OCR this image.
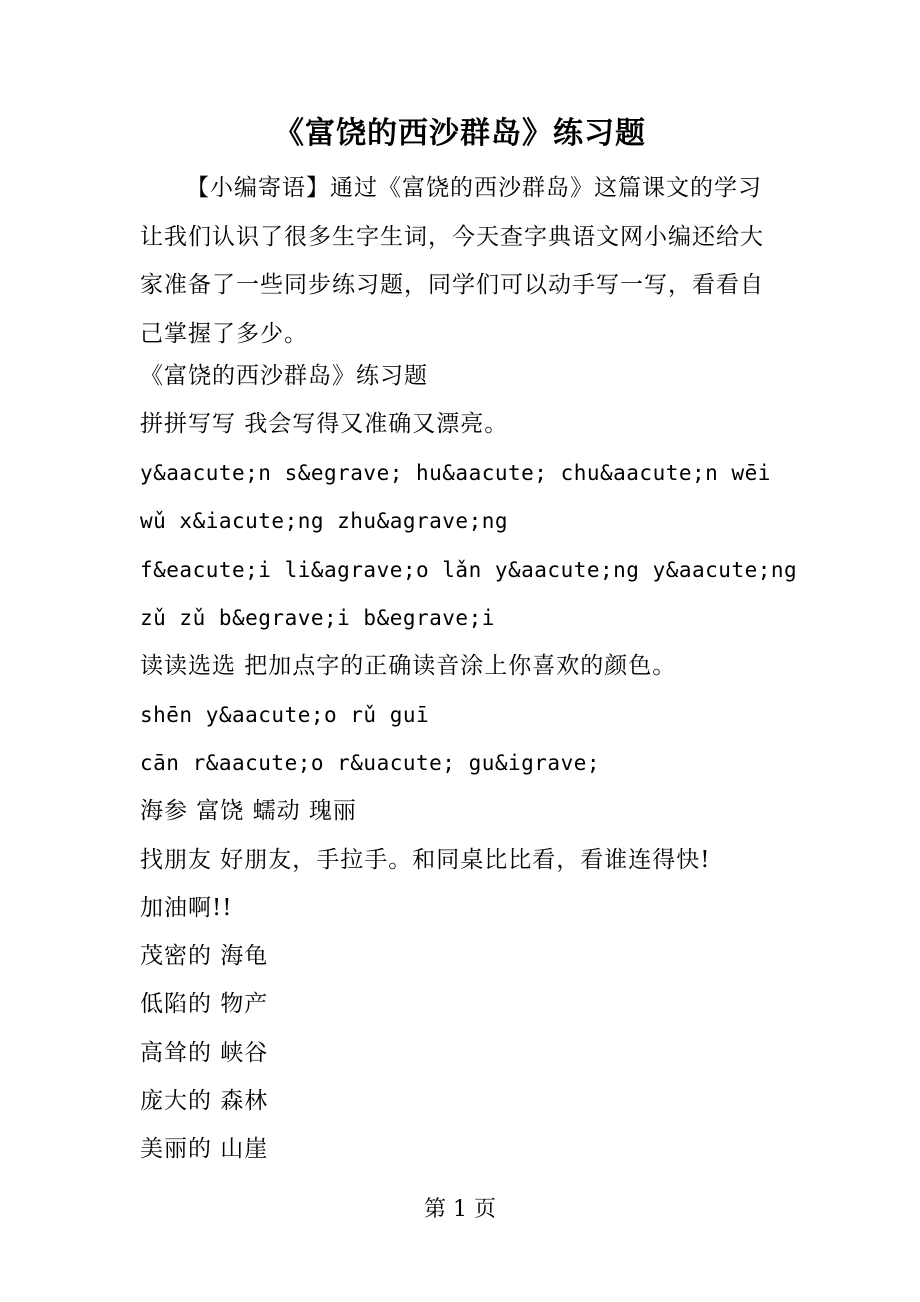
《富饶的西沙群岛》练习题

【小编寄语】通过《富饶的西沙群岛》这篇课文的学习让我们认识了很多生字生词，今天查字典语文网小编还给大家准备了一些同步练习题，同学们可以动手写一写，看看自己掌握了多少。

《富饶的西沙群岛》练习题

拼拼写写 我会写得又准确又漂亮。

y&aacute;n s&egrave; hu&aacute; chu&aacute;n wēi

wǔ x&iacute;ng zhu&agrave;ng

f&eacute;i li&agrave;o lǎn y&aacute;ng y&aacute;ng

zǔ zǔ b&egrave;i b&egrave;i

读读选选 把加点字的正确读音涂上你喜欢的颜色。

shēn y&aacute;o rǔ guī

cān r&aacute;o r&uacute; gu&igrave;

海参 富饶 蠕动 瑰丽

找朋友 好朋友，手拉手。和同桌比比看，看谁连得快!

加油啊!!

茂密的 海龟

低陷的 物产

高耸的 峡谷

庞大的 森林

美丽的 山崖

第 1 页
